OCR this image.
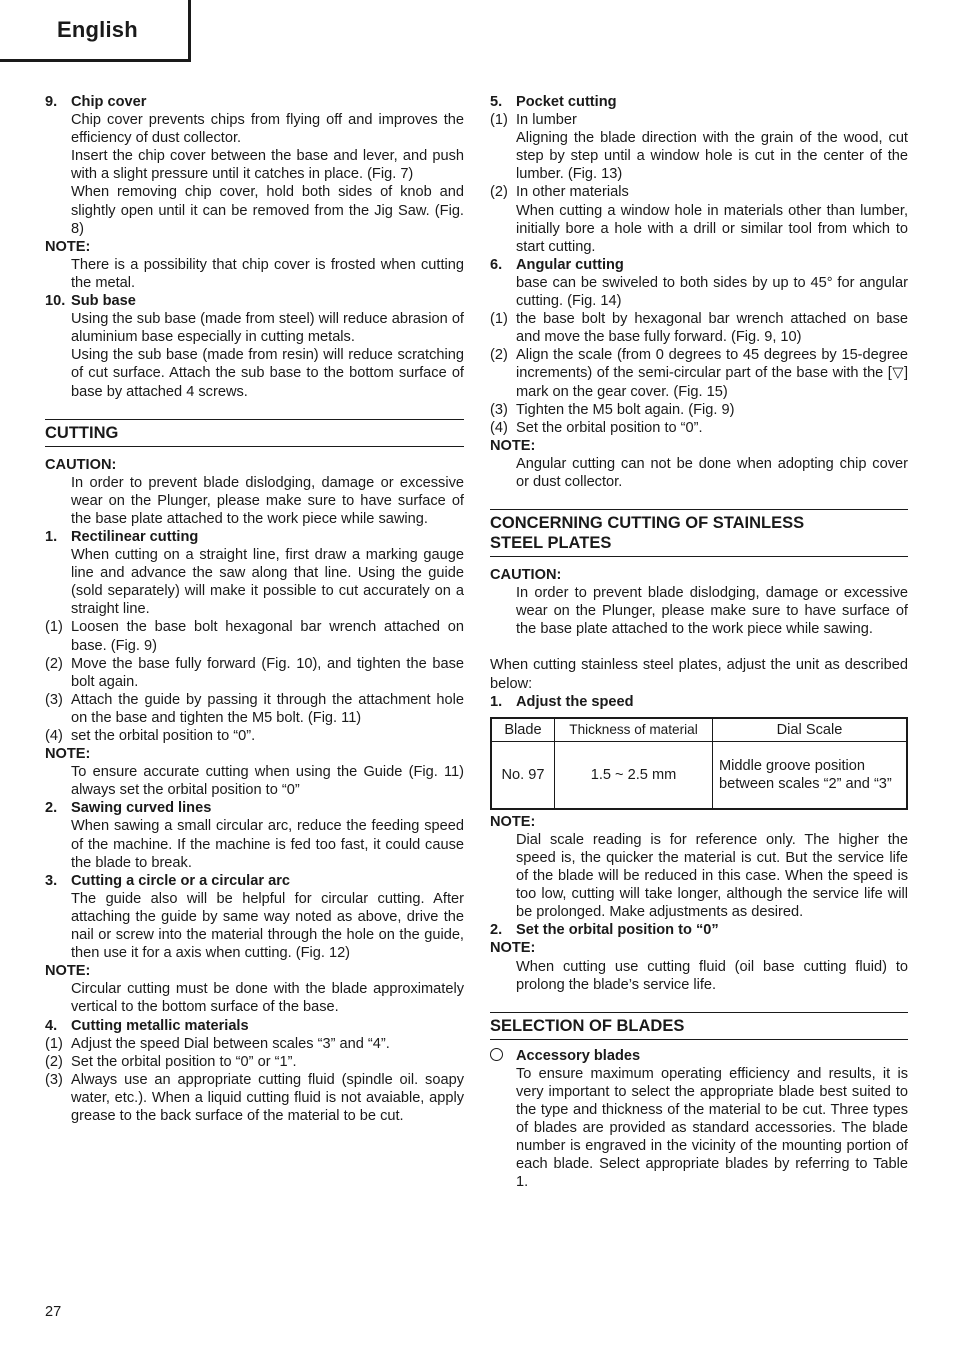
English
9. Chip cover
Chip cover prevents chips from flying off and improves the efficiency of dust collector.
Insert the chip cover between the base and lever, and push with a slight pressure until it catches in place. (Fig. 7)
When removing chip cover, hold both sides of knob and slightly open until it can be removed from the Jig Saw. (Fig. 8)
NOTE:
There is a possibility that chip cover is frosted when cutting the metal.
10. Sub base
Using the sub base (made from steel) will reduce abrasion of aluminium base especially in cutting metals.
Using the sub base (made from resin) will reduce scratching of cut surface. Attach the sub base to the bottom surface of base by attached 4 screws.
CUTTING
CAUTION:
In order to prevent blade dislodging, damage or excessive wear on the Plunger, please make sure to have surface of the base plate attached to the work piece while sawing.
1. Rectilinear cutting
When cutting on a straight line, first draw a marking gauge line and advance the saw along that line. Using the guide (sold separately) will make it possible to cut accurately on a straight line.
(1) Loosen the base bolt hexagonal bar wrench attached on base. (Fig. 9)
(2) Move the base fully forward (Fig. 10), and tighten the base bolt again.
(3) Attach the guide by passing it through the attachment hole on the base and tighten the M5 bolt. (Fig. 11)
(4) set the orbital position to “0”.
NOTE:
To ensure accurate cutting when using the Guide (Fig. 11) always set the orbital position to “0”
2. Sawing curved lines
When sawing a small circular arc, reduce the feeding speed of the machine. If the machine is fed too fast, it could cause the blade to break.
3. Cutting a circle or a circular arc
The guide also will be helpful for circular cutting. After attaching the guide by same way noted as above, drive the nail or screw into the material through the hole on the guide, then use it for a axis when cutting. (Fig. 12)
NOTE:
Circular cutting must be done with the blade approximately vertical to the bottom surface of the base.
4. Cutting metallic materials
(1) Adjust the speed Dial between scales “3” and “4”.
(2) Set the orbital position to “0” or “1”.
(3) Always use an appropriate cutting fluid (spindle oil. soapy water, etc.). When a liquid cutting fluid is not avaiable, apply grease to the back surface of the material to be cut.
5. Pocket cutting
(1) In lumber
Aligning the blade direction with the grain of the wood, cut step by step until a window hole is cut in the center of the lumber. (Fig. 13)
(2) In other materials
When cutting a window hole in materials other than lumber, initially bore a hole with a drill or similar tool from which to start cutting.
6. Angular cutting
base can be swiveled to both sides by up to 45° for angular cutting. (Fig. 14)
(1) the base bolt by hexagonal bar wrench attached on base and move the base fully forward. (Fig. 9, 10)
(2) Align the scale (from 0 degrees to 45 degrees by 15-degree increments) of the semi-circular part of the base with the [▽] mark on the gear cover. (Fig. 15)
(3) Tighten the M5 bolt again. (Fig. 9)
(4) Set the orbital position to “0”.
NOTE:
Angular cutting can not be done when adopting chip cover or dust collector.
CONCERNING CUTTING OF STAINLESS
STEEL PLATES
CAUTION:
In order to prevent blade dislodging, damage or excessive wear on the Plunger, please make sure to have surface of the base plate attached to the work piece while sawing.
When cutting stainless steel plates, adjust the unit as described below:
1. Adjust the speed
Blade	Thickness of material	Dial Scale
No. 97	1.5 ~ 2.5 mm	Middle groove position between scales “2” and “3”
NOTE:
Dial scale reading is for reference only. The higher the speed is, the quicker the material is cut. But the service life of the blade will be reduced in this case. When the speed is too low, cutting will take longer, although the service life will be prolonged. Make adjustments as desired.
2. Set the orbital position to “0”
NOTE:
When cutting use cutting fluid (oil base cutting fluid) to prolong the blade’s service life.
SELECTION OF BLADES
Accessory blades
To ensure maximum operating efficiency and results, it is very important to select the appropriate blade best suited to the type and thickness of the material to be cut. Three types of blades are provided as standard accessories. The blade number is engraved in the vicinity of the mounting portion of each blade. Select appropriate blades by referring to Table 1.
27
